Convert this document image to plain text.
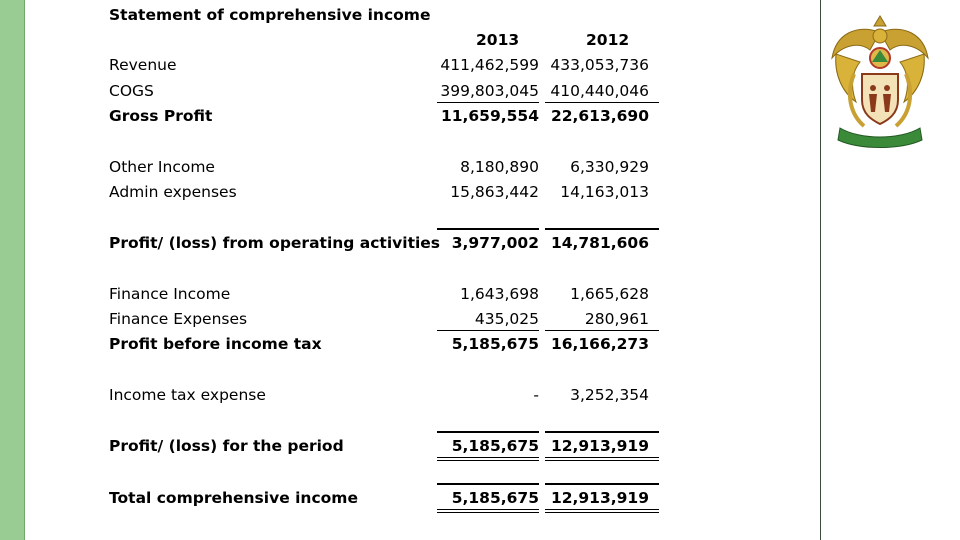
Statement of comprehensive income
2013	2012
Revenue	411,462,599 433,053,736
COGS	399,803,045 410,440,046
Gross Profit	11,659,554 22,613,690
Other Income	8,180,890 6,330,929
Admin expenses	15,863,442 14,163,013
Profit/ (loss) from operating activities 3,977,002 14,781,606
Finance Income	1,643,698 1,665,628
Finance Expenses	435,025	280,961
Profit before income tax	5,185,675 16,166,273
Income tax expense	- 3,252,354
Profit/ (loss) for the period	5,185,675 12,913,919
Total comprehensive income	5,185,675 12,913,919
